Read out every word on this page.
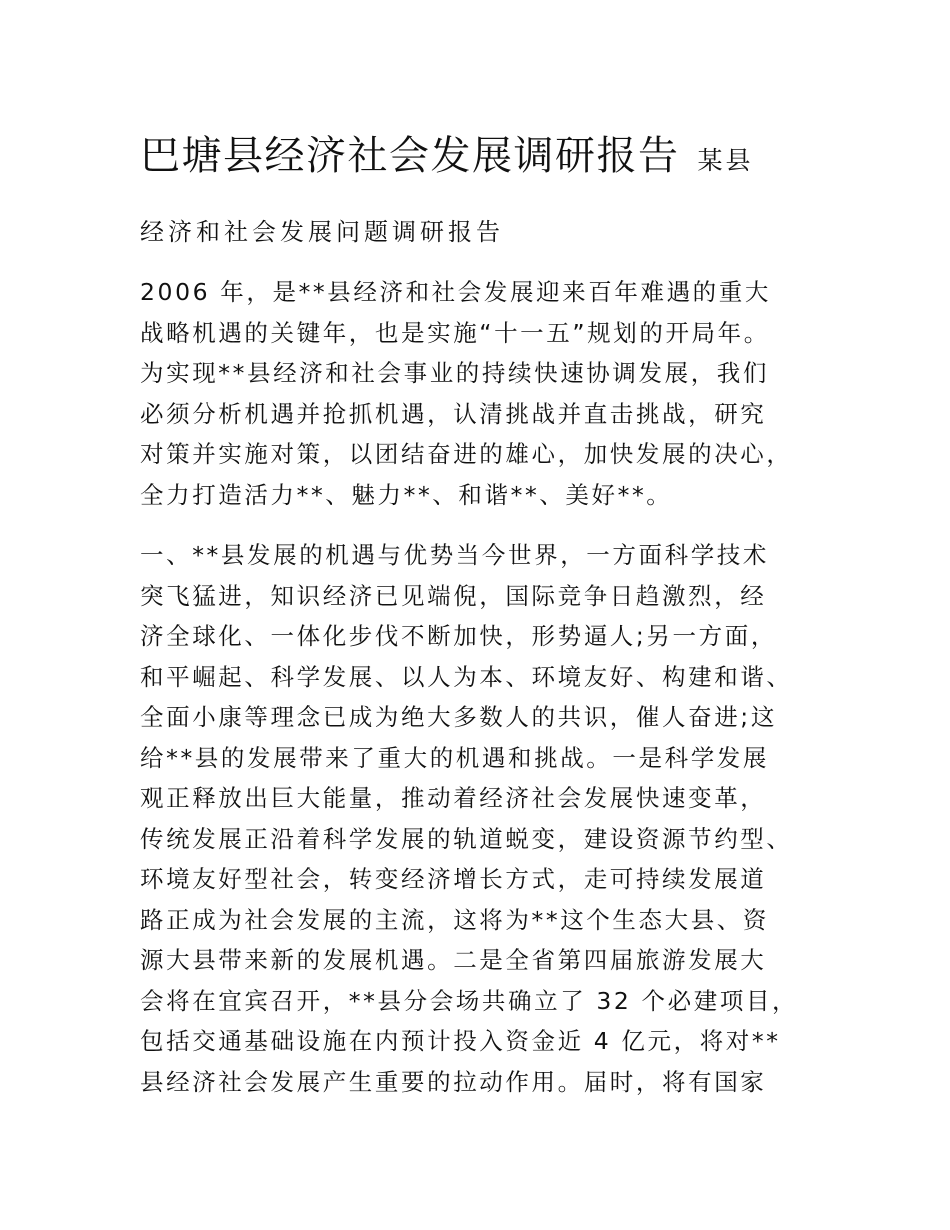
巴塘县经济社会发展调研报告 某县
经济和社会发展问题调研报告
2006 年，是**县经济和社会发展迎来百年难遇的重大
战略机遇的关键年，也是实施“十一五”规划的开局年。
为实现**县经济和社会事业的持续快速协调发展，我们
必须分析机遇并抢抓机遇，认清挑战并直击挑战，研究
对策并实施对策，以团结奋进的雄心，加快发展的决心，
全力打造活力**、魅力**、和谐**、美好**。
一、**县发展的机遇与优势当今世界，一方面科学技术
突飞猛进，知识经济已见端倪，国际竞争日趋激烈，经
济全球化、一体化步伐不断加快，形势逼人;另一方面，
和平崛起、科学发展、以人为本、环境友好、构建和谐、
全面小康等理念已成为绝大多数人的共识，催人奋进;这
给**县的发展带来了重大的机遇和挑战。一是科学发展
观正释放出巨大能量，推动着经济社会发展快速变革，
传统发展正沿着科学发展的轨道蜕变，建设资源节约型、
环境友好型社会，转变经济增长方式，走可持续发展道
路正成为社会发展的主流，这将为**这个生态大县、资
源大县带来新的发展机遇。二是全省第四届旅游发展大
会将在宜宾召开，**县分会场共确立了 32 个必建项目，
包括交通基础设施在内预计投入资金近 4 亿元，将对**
县经济社会发展产生重要的拉动作用。届时，将有国家
